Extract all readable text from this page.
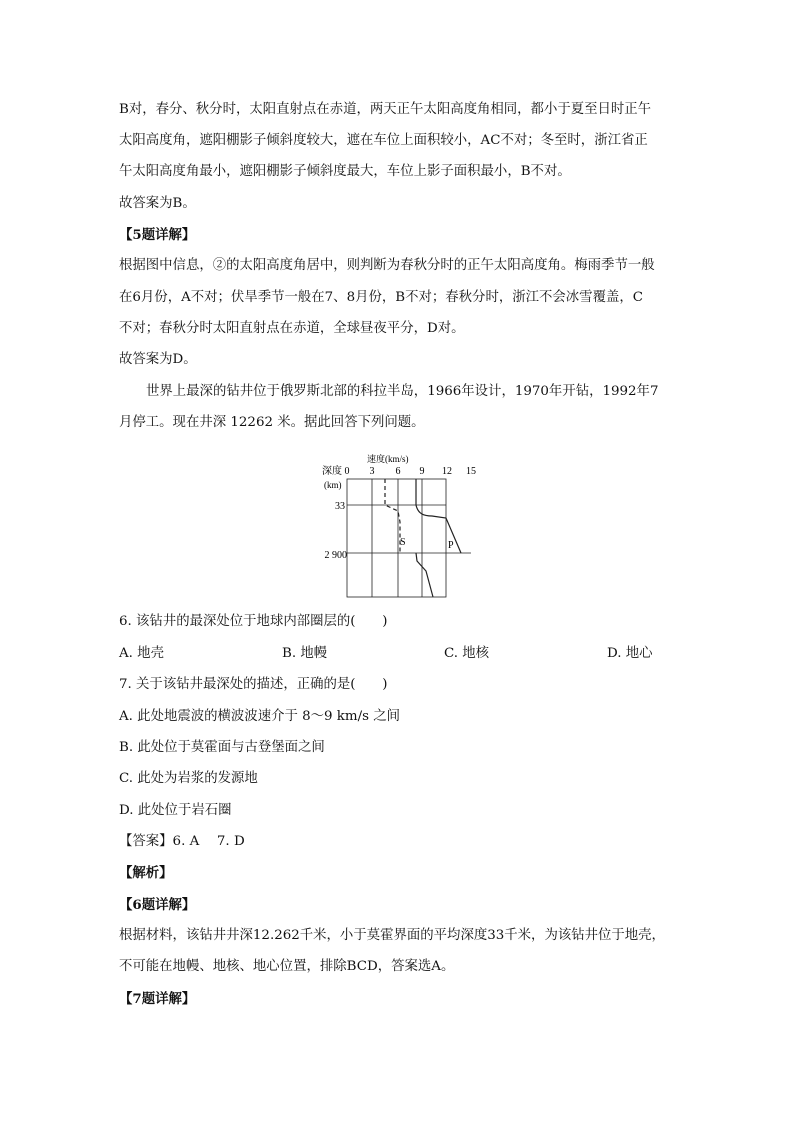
B对，春分、秋分时，太阳直射点在赤道，两天正午太阳高度角相同，都小于夏至日时正午
太阳高度角，遮阳棚影子倾斜度较大，遮在车位上面积较小，AC不对；冬至时，浙江省正
午太阳高度角最小，遮阳棚影子倾斜度最大，车位上影子面积最小，B不对。
故答案为B。
【5题详解】
根据图中信息，②的太阳高度角居中，则判断为春秋分时的正午太阳高度角。梅雨季节一般
在6月份，A不对；伏旱季节一般在7、8月份，B不对；春秋分时，浙江不会冰雪覆盖，C
不对；春秋分时太阳直射点在赤道，全球昼夜平分，D对。
故答案为D。
世界上最深的钻井位于俄罗斯北部的科拉半岛，1966年设计，1970年开钻，1992年7
月停工。现在井深 12262 米。据此回答下列问题。
速度(km/s)
深度
(km)
0 3 6 9 12 15
33
2 900
S	P
6. 该钻井的最深处位于地球内部圈层的(　　)
A. 地壳	B. 地幔	C. 地核	D. 地心
7. 关于该钻井最深处的描述，正确的是(　　)
A. 此处地震波的横波波速介于 8～9 km/s 之间
B. 此处位于莫霍面与古登堡面之间
C. 此处为岩浆的发源地
D. 此处位于岩石圈
【答案】6. A　 7. D
【解析】
【6题详解】
根据材料，该钻井井深12.262千米，小于莫霍界面的平均深度33千米，为该钻井位于地壳，
不可能在地幔、地核、地心位置，排除BCD，答案选A。
【7题详解】
